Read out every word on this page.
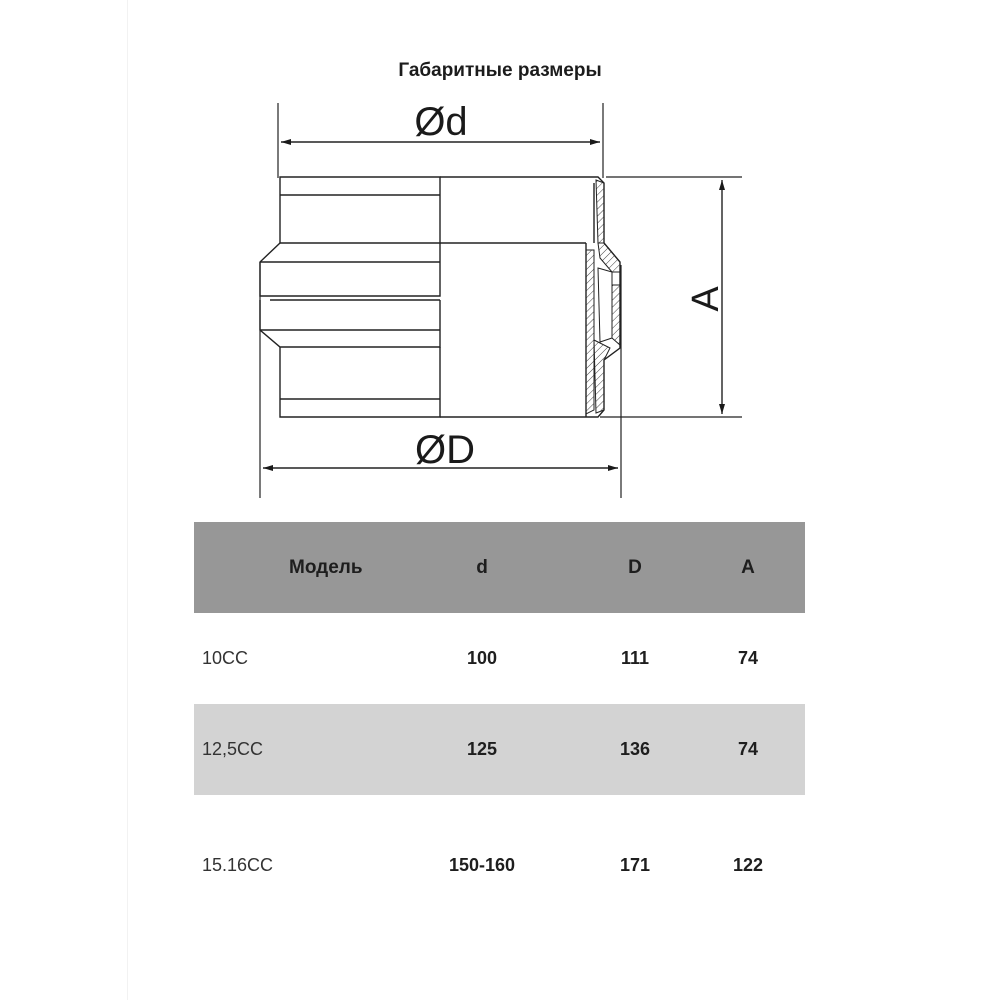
Габаритные размеры
Ød
ØD
A
Модель	d	D	A
10CC	100	111	74
12,5CC	125	136	74
15.16CC	150-160	171	122
